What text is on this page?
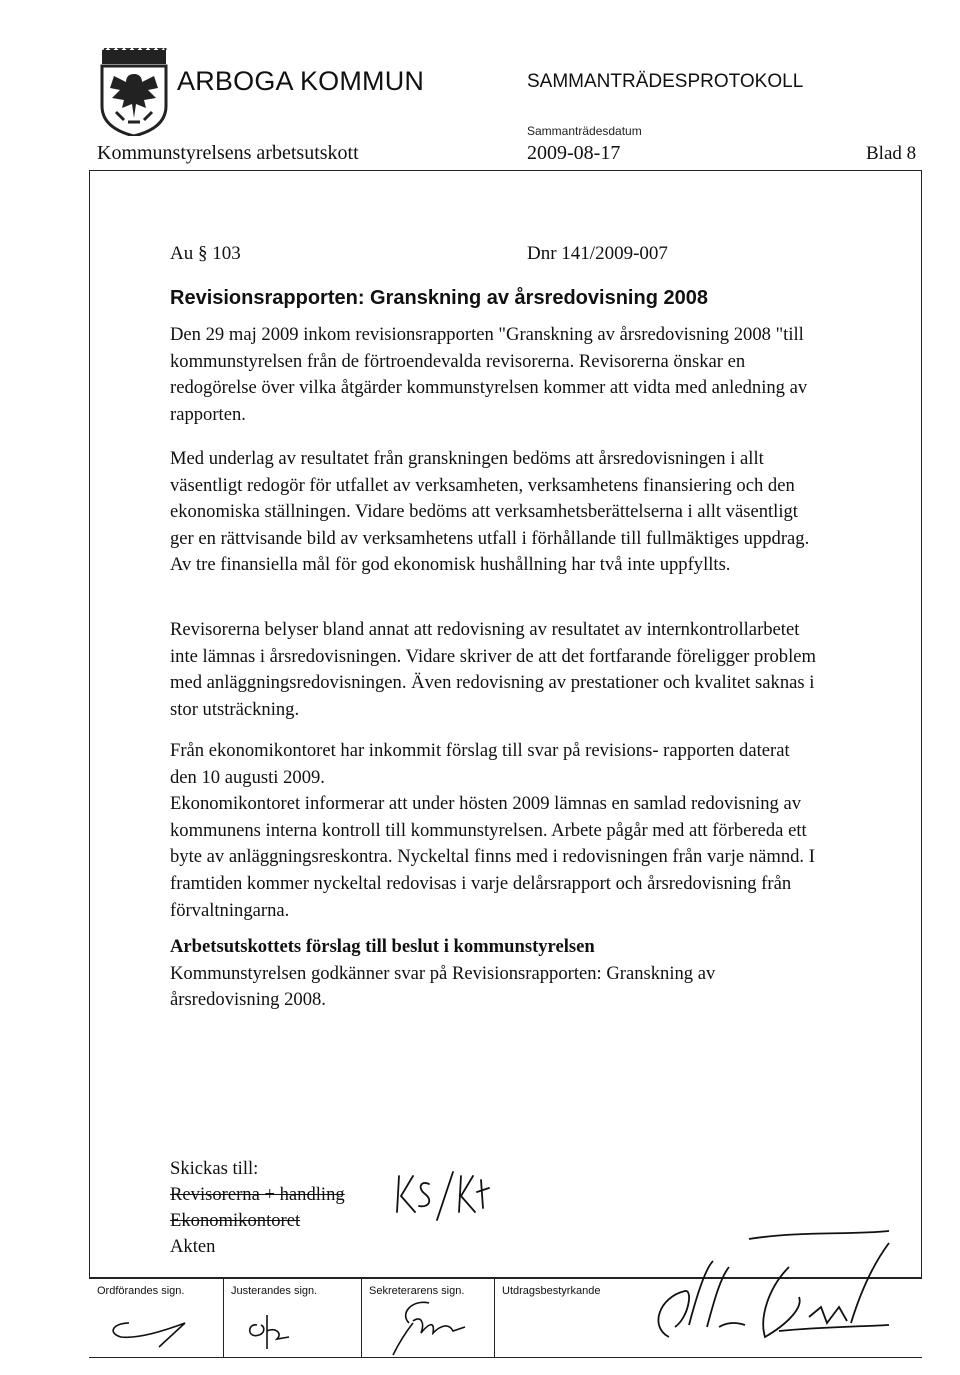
ARBOGA KOMMUN	SAMMANTRÄDESPROTOKOLL
Sammanträdesdatum
Kommunstyrelsens arbetsutskott	2009-08-17	Blad 8
Au § 103	Dnr 141/2009-007
Revisionsrapporten: Granskning av årsredovisning 2008

Den 29 maj 2009 inkom revisionsrapporten "Granskning av årsredovisning 2008 "till kommunstyrelsen från de förtroendevalda revisorerna. Revisorerna önskar en redogörelse över vilka åtgärder kommunstyrelsen kommer att vidta med anledning av rapporten.

Med underlag av resultatet från granskningen bedöms att årsredovisningen i allt väsentligt redogör för utfallet av verksamheten, verksamhetens finansiering och den ekonomiska ställningen. Vidare bedöms att verksamhetsberättelserna i allt väsentligt ger en rättvisande bild av verksamhetens utfall i förhållande till fullmäktiges uppdrag. Av tre finansiella mål för god ekonomisk hushållning har två inte uppfyllts.

Revisorerna belyser bland annat att redovisning av resultatet av internkontrollarbetet inte lämnas i årsredovisningen. Vidare skriver de att det fortfarande föreligger problem med anläggningsredovisningen. Även redovisning av prestationer och kvalitet saknas i stor utsträckning.

Från ekonomikontoret har inkommit förslag till svar på revisions- rapporten daterat den 10 augusti 2009.

Ekonomikontoret informerar att under hösten 2009 lämnas en samlad redovisning av kommunens interna kontroll till kommunstyrelsen. Arbete pågår med att förbereda ett byte av anläggningsreskontra. Nyckeltal finns med i redovisningen från varje nämnd. I framtiden kommer nyckeltal redovisas i varje delårsrapport och årsredovisning från förvaltningarna.

Arbetsutskottets förslag till beslut i kommunstyrelsen

Kommunstyrelsen godkänner svar på Revisionsrapporten: Granskning av årsredovisning 2008.

Skickas till:
Revisorerna + handling
Ekonomikontoret
Akten
Ordförandes sign.	Justerandes sign.	Sekreterarens sign.	Utdragsbestyrkande
